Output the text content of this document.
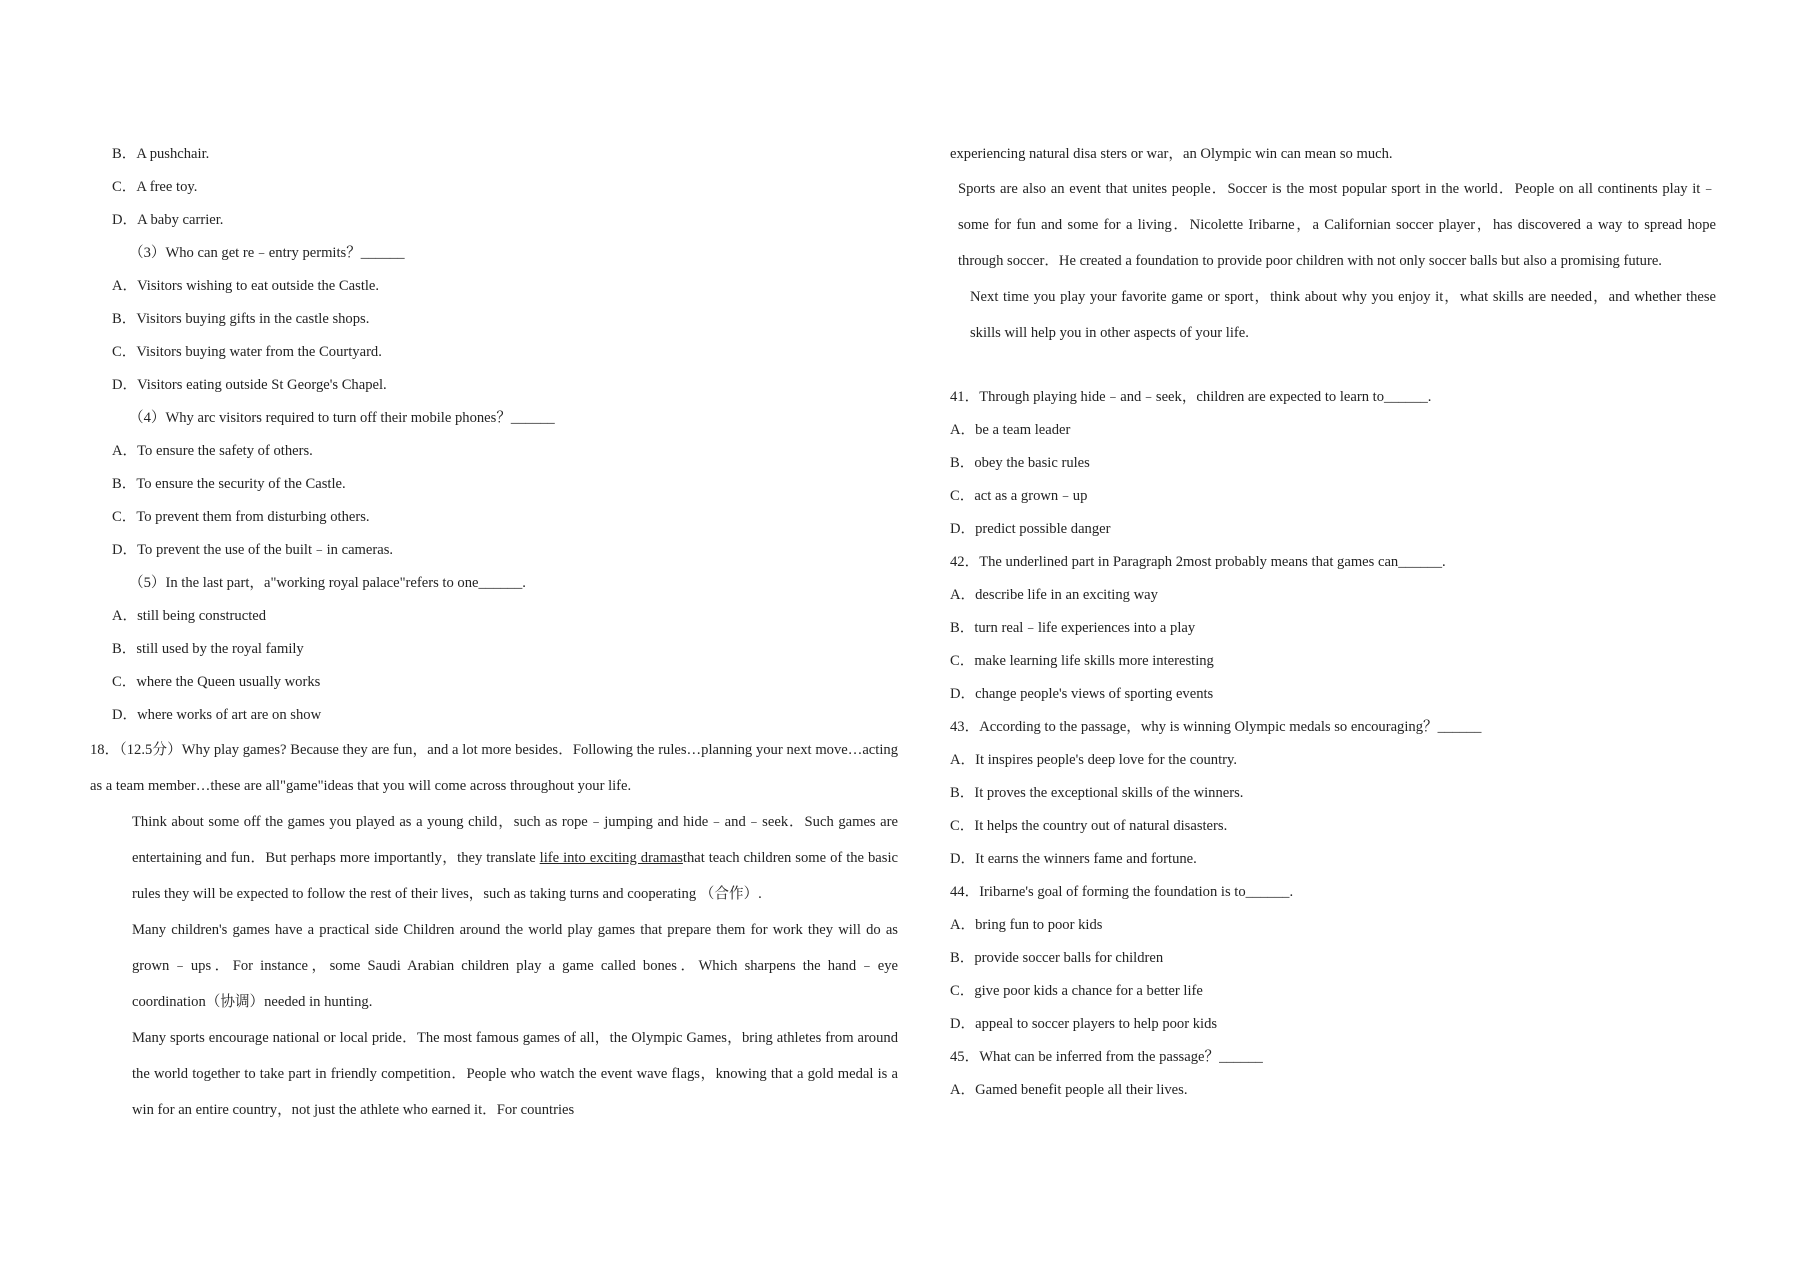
B．A pushchair.
C．A free toy.
D．A baby carrier.
（3）Who can get re﹣entry permits？______
A．Visitors wishing to eat outside the Castle.
B．Visitors buying gifts in the castle shops.
C．Visitors buying water from the Courtyard.
D．Visitors eating outside St George's Chapel.
（4）Why arc visitors required to turn off their mobile phones？______
A．To ensure the safety of others.
B．To ensure the security of the Castle.
C．To prevent them from disturbing others.
D．To prevent the use of the built﹣in cameras.
（5）In the last part，a"working royal palace"refers to one______.
A．still being constructed
B．still used by the royal family
C．where the Queen usually works
D．where works of art are on show

18．（12.5分）Why play games? Because they are fun，and a lot more besides．Following the rules…planning your next move…acting as a team member…these are all"game"ideas that you will come across throughout your life.

Think about some off the games you played as a young child，such as rope﹣jumping and hide﹣and﹣seek．Such games are entertaining and fun．But perhaps more importantly，they translate life into exciting dramasthat teach children some of the basic rules they will be expected to follow the rest of their lives，such as taking turns and cooperating （合作）.

Many children's games have a practical side Children around the world play games that prepare them for work they will do as grown﹣ups．For instance，some Saudi Arabian children play a game called bones．Which sharpens the hand﹣eye coordination（协调）needed in hunting.

Many sports encourage national or local pride．The most famous games of all，the Olympic Games，bring athletes from around the world together to take part in friendly competition．People who watch the event wave flags，knowing that a gold medal is a win for an entire country，not just the athlete who earned it．For countries

experiencing natural disa sters or war，an Olympic win can mean so much.

Sports are also an event that unites people．Soccer is the most popular sport in the world．People on all continents play it﹣some for fun and some for a living．Nicolette Iribarne，a Californian soccer player，has discovered a way to spread hope through soccer．He created a foundation to provide poor children with not only soccer balls but also a promising future.

Next time you play your favorite game or sport，think about why you enjoy it，what skills are needed，and whether these skills will help you in other aspects of your life.

41．Through playing hide﹣and﹣seek，children are expected to learn to______.
A．be a team leader
B．obey the basic rules
C．act as a grown﹣up
D．predict possible danger
42．The underlined part in Paragraph 2most probably means that games can______.
A．describe life in an exciting way
B．turn real﹣life experiences into a play
C．make learning life skills more interesting
D．change people's views of sporting events
43．According to the passage，why is winning Olympic medals so encouraging？______
A．It inspires people's deep love for the country.
B．It proves the exceptional skills of the winners.
C．It helps the country out of natural disasters.
D．It earns the winners fame and fortune.
44．Iribarne's goal of forming the foundation is to______.
A．bring fun to poor kids
B．provide soccer balls for children
C．give poor kids a chance for a better life
D．appeal to soccer players to help poor kids
45．What can be inferred from the passage？______
A．Gamed benefit people all their lives.
